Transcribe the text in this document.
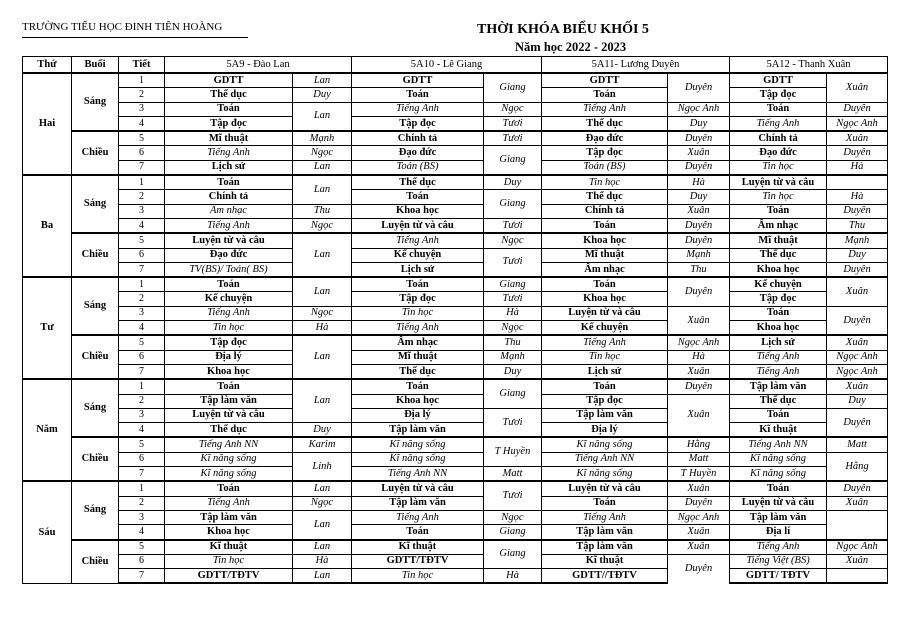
TRƯỜNG TIỂU HỌC ĐINH TIÊN HOÀNG	THỜI KHÓA BIỂU KHỐI 5
Năm học 2022 - 2023
Thứ	Buổi	Tiết	5A9 - Đào Lan		5A10 - Lê Giang		5A11- Lương Duyên		5A12 - Thanh Xuân	
Hai	Sáng	1	GDTT	Lan	GDTT	Giang	GDTT	Duyên	GDTT	Xuân
		2	Thể dục	Duy	Toán		Toán		Tập đọc	
		3	Toán	Lan	Tiếng Anh	Ngọc	Tiếng Anh	Ngọc Anh	Toán	Duyên
		4	Tập đọc		Tập đọc	Tươi	Thể dục	Duy	Tiếng Anh	Ngọc Anh
	Chiều	5	Mĩ thuật	Mạnh	Chính tả	Tươi	Đạo đức	Duyên	Chính tả	Xuân
		6	Tiếng Anh	Ngọc	Đạo đức	Giang	Tập đọc	Xuân	Đạo đức	Duyên
		7	Lịch sử	Lan	Toán (BS)		Toán (BS)	Duyên	Tin học	Hà
Ba	Sáng	1	Toán	Lan	Thể dục	Duy	Tin học	Hà	Luyện từ và câu	
		2	Chính tả		Toán	Giang	Thể dục	Duy	Tin học	Hà
		3	Âm nhạc	Thu	Khoa học		Chính tả	Xuân	Toán	Duyên
		4	Tiếng Anh	Ngọc	Luyện từ và câu	Tươi	Toán	Duyên	Âm nhạc	Thu
	Chiều	5	Luyện từ và câu	Lan	Tiếng Anh	Ngọc	Khoa học	Duyên	Mĩ thuật	Mạnh
		6	Đạo đức		Kể chuyện	Tươi	Mĩ thuật	Mạnh	Thể dục	Duy
		7	TV(BS)/ Toán( BS)		Lịch sử		Âm nhạc	Thu	Khoa học	Duyên
Tư	Sáng	1	Toán	Lan	Toán	Giang	Toán	Duyên	Kể chuyện	Xuân
		2	Kể chuyện		Tập đọc	Tươi	Khoa học		Tập đọc	
		3	Tiếng Anh	Ngọc	Tin học	Hà	Luyện từ và câu	Xuân	Toán	Duyên
		4	Tin học	Hà	Tiếng Anh	Ngọc	Kể chuyện		Khoa học	
	Chiều	5	Tập đọc	Lan	Âm nhạc	Thu	Tiếng Anh	Ngọc Anh	Lịch sử	Xuân
		6	Địa lý		Mĩ thuật	Mạnh	Tin học	Hà	Tiếng Anh	Ngọc Anh
		7	Khoa học		Thể dục	Duy	Lịch sử	Xuân	Tiếng Anh	Ngọc Anh
Năm	Sáng	1	Toán	Lan	Toán	Giang	Toán	Duyên	Tập làm văn	Xuân
		2	Tập làm văn		Khoa học		Tập đọc	Xuân	Thể dục	Duy
		3	Luyện từ và câu		Địa lý	Tươi	Tập làm văn		Toán	Duyên
		4	Thể dục	Duy	Tập làm văn		Địa lý		Kĩ thuật	
	Chiều	5	Tiếng Anh NN	Karim	Kĩ năng sống	T Huyền	Kĩ năng sống	Hằng	Tiếng Anh NN	Matt
		6	Kĩ năng sống	Linh	Kĩ năng sống		Tiếng Anh NN	Matt	Kĩ năng sống	Hằng
		7	Kĩ năng sống		Tiếng Anh NN	Matt	Kĩ năng sống	T Huyền	Kĩ năng sống	
Sáu	Sáng	1	Toán	Lan	Luyện từ và câu	Tươi	Luyện từ và câu	Xuân	Toán	Duyên
		2	Tiếng Anh	Ngọc	Tập làm văn		Toán	Duyên	Luyện từ và câu	Xuân
		3	Tập làm văn	Lan	Tiếng Anh	Ngọc	Tiếng Anh	Ngọc Anh	Tập làm văn	
		4	Khoa học		Toán	Giang	Tập làm văn	Xuân	Địa lí	
	Chiều	5	Kĩ thuật	Lan	Kĩ thuật	Giang	Tập làm văn	Xuân	Tiếng Anh	Ngọc Anh
		6	Tin học	Hà	GDTT/TĐTV		Kĩ thuật	Duyên	Tiếng Việt (BS)	Xuân
		7	GDTT/TĐTV	Lan	Tin học	Hà	GDTT//TĐTV		GDTT/ TĐTV	
